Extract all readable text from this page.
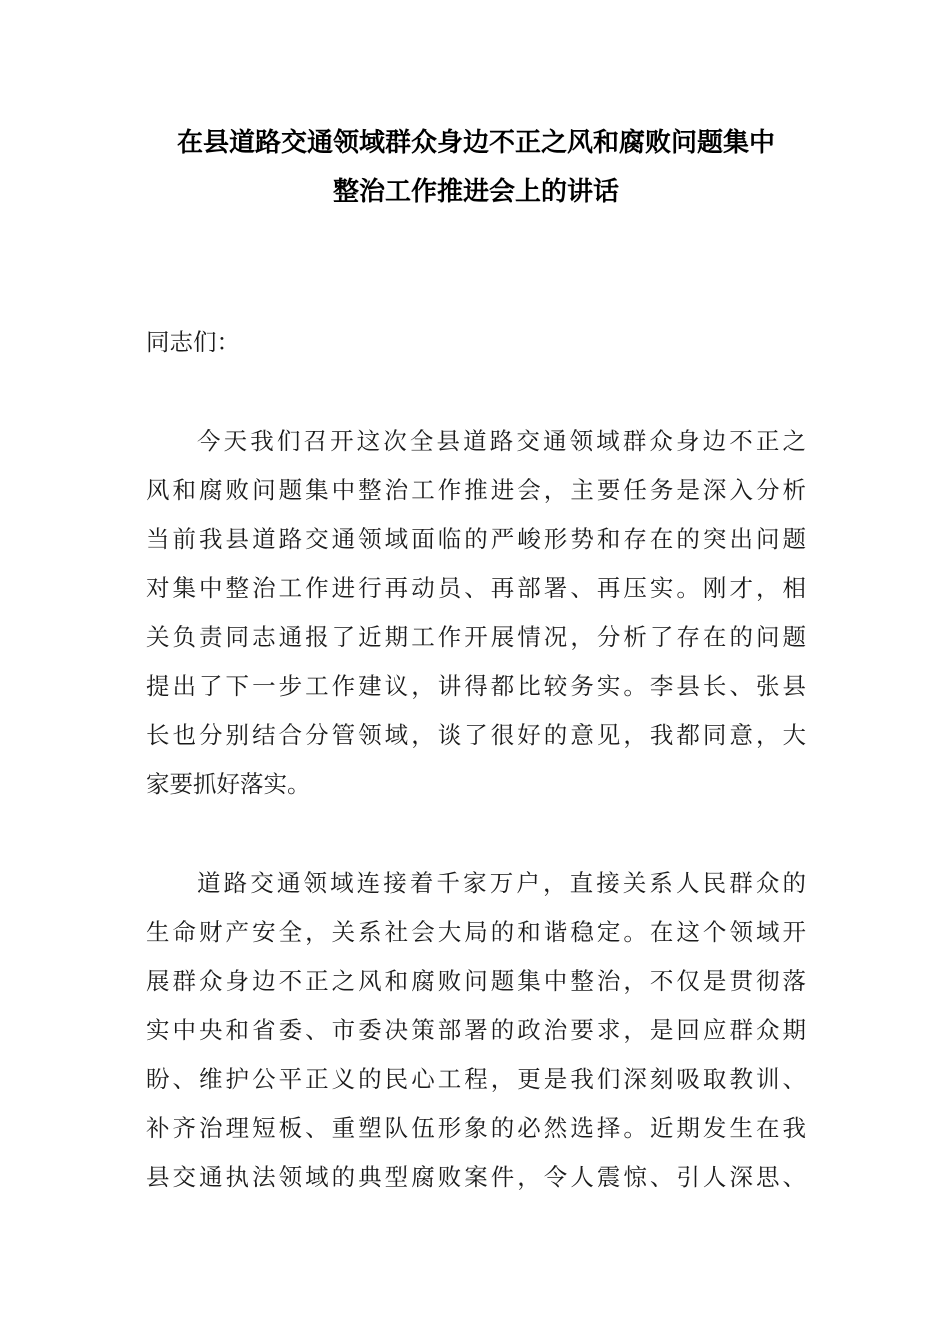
在县道路交通领域群众身边不正之风和腐败问题集中
整治工作推进会上的讲话
同志们：
今天我们召开这次全县道路交通领域群众身边不正之
风和腐败问题集中整治工作推进会，主要任务是深入分析
当前我县道路交通领域面临的严峻形势和存在的突出问题
对集中整治工作进行再动员、再部署、再压实。刚才，相
关负责同志通报了近期工作开展情况，分析了存在的问题
提出了下一步工作建议，讲得都比较务实。李县长、张县
长也分别结合分管领域，谈了很好的意见，我都同意，大
家要抓好落实。
道路交通领域连接着千家万户，直接关系人民群众的
生命财产安全，关系社会大局的和谐稳定。在这个领域开
展群众身边不正之风和腐败问题集中整治，不仅是贯彻落
实中央和省委、市委决策部署的政治要求，是回应群众期
盼、维护公平正义的民心工程，更是我们深刻吸取教训、
补齐治理短板、重塑队伍形象的必然选择。近期发生在我
县交通执法领域的典型腐败案件，令人震惊、引人深思、
